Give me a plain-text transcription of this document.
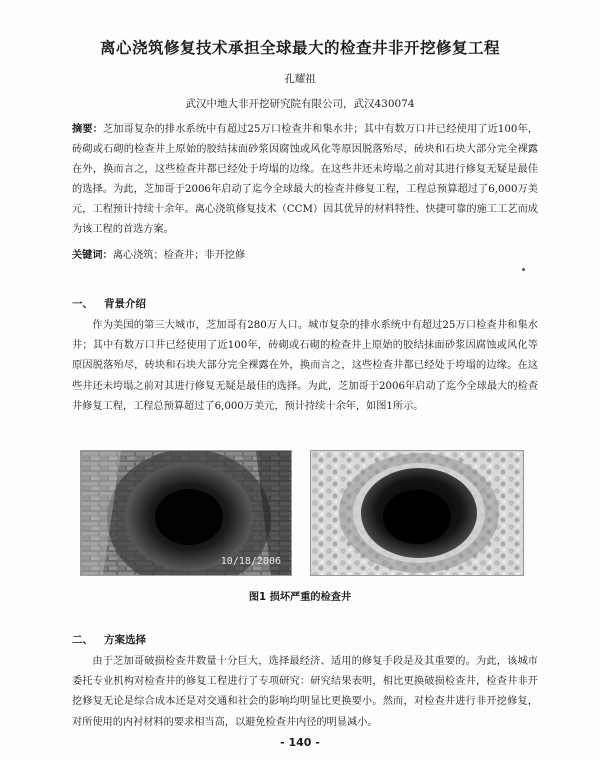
离心浇筑修复技术承担全球最大的检查井非开挖修复工程
孔耀祖
武汉中地大非开挖研究院有限公司，武汉430074
摘要：芝加哥复杂的排水系统中有超过25万口检查井和集水井；其中有数万口井已经使用了近100年，砖砌或石砌的检查井上原始的胶结抹面砂浆因腐蚀或风化等原因脱落殆尽，砖块和石块大部分完全裸露在外，换而言之，这些检查井都已经处于垮塌的边缘。在这些井还未垮塌之前对其进行修复无疑是最佳的选择。为此，芝加哥于2006年启动了迄今全球最大的检查井修复工程，工程总预算超过了6,000万美元，工程预计持续十余年。离心浇筑修复技术（CCM）因其优异的材料特性、快捷可靠的施工工艺而成为该工程的首选方案。
关键词：离心浇筑；检查井；非开挖修
一、 背景介绍
作为美国的第三大城市，芝加哥有280万人口。城市复杂的排水系统中有超过25万口检查井和集水井；其中有数万口井已经使用了近100年，砖砌或石砌的检查井上原始的胶结抹面砂浆因腐蚀或风化等原因脱落殆尽，砖块和石块大部分完全裸露在外，换而言之，这些检查井都已经处于垮塌的边缘。在这些井还未垮塌之前对其进行修复无疑是最佳的选择。为此，芝加哥于2006年启动了迄今全球最大的检查井修复工程，工程总预算超过了6,000万美元，预计持续十余年，如图1所示。
10/18/2006
图1 损坏严重的检查井
二、 方案选择
由于芝加哥破损检查井数量十分巨大，选择最经济、适用的修复手段是及其重要的。为此，该城市委托专业机构对检查井的修复工程进行了专项研究：研究结果表明，相比更换破损检查井，检查井非开挖修复无论是综合成本还是对交通和社会的影响均明显比更换要小。然而，对检查井进行非开挖修复，对所使用的内衬材料的要求相当高，以避免检查井内径的明显减小。
- 140 -
